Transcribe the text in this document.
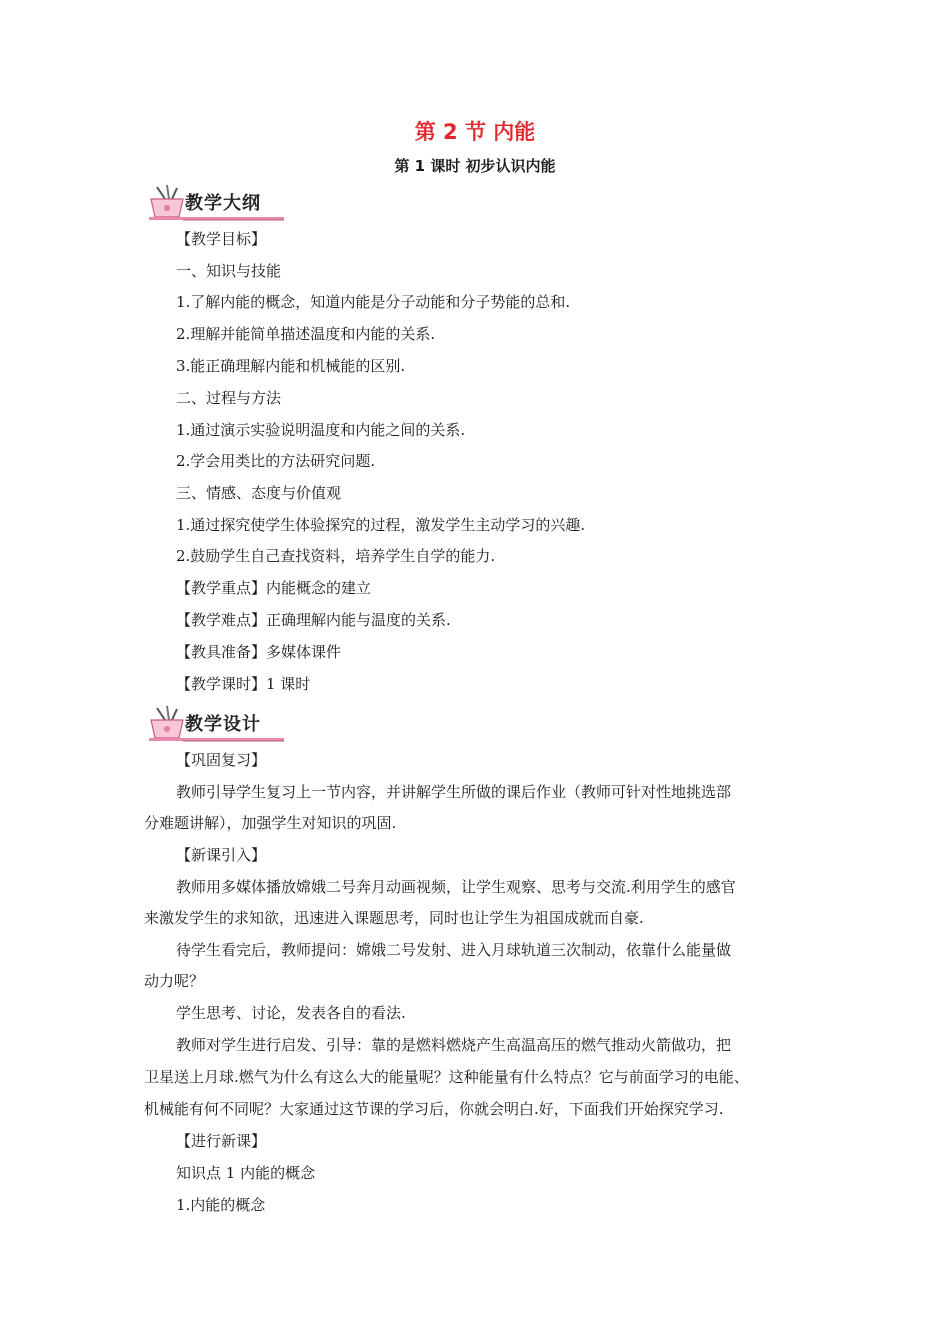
第 2 节 内能
第 1 课时 初步认识内能
教学大纲
教学设计
【教学目标】
一、知识与技能
1.了解内能的概念，知道内能是分子动能和分子势能的总和.
2.理解并能简单描述温度和内能的关系.
3.能正确理解内能和机械能的区别.
二、过程与方法
1.通过演示实验说明温度和内能之间的关系.
2.学会用类比的方法研究问题.
三、情感、态度与价值观
1.通过探究使学生体验探究的过程，激发学生主动学习的兴趣.
2.鼓励学生自己查找资料，培养学生自学的能力.
【教学重点】内能概念的建立
【教学难点】正确理解内能与温度的关系.
【教具准备】多媒体课件
【教学课时】1 课时
【巩固复习】
教师引导学生复习上一节内容，并讲解学生所做的课后作业（教师可针对性地挑选部
分难题讲解），加强学生对知识的巩固.
【新课引入】
教师用多媒体播放嫦娥二号奔月动画视频，让学生观察、思考与交流.利用学生的感官
来激发学生的求知欲，迅速进入课题思考，同时也让学生为祖国成就而自豪.
待学生看完后，教师提问：嫦娥二号发射、进入月球轨道三次制动，依靠什么能量做
动力呢？
学生思考、讨论，发表各自的看法.
教师对学生进行启发、引导：靠的是燃料燃烧产生高温高压的燃气推动火箭做功，把
卫星送上月球.燃气为什么有这么大的能量呢？这种能量有什么特点？它与前面学习的电能、
机械能有何不同呢？大家通过这节课的学习后，你就会明白.好，下面我们开始探究学习.
【进行新课】
知识点 1 内能的概念
1.内能的概念
